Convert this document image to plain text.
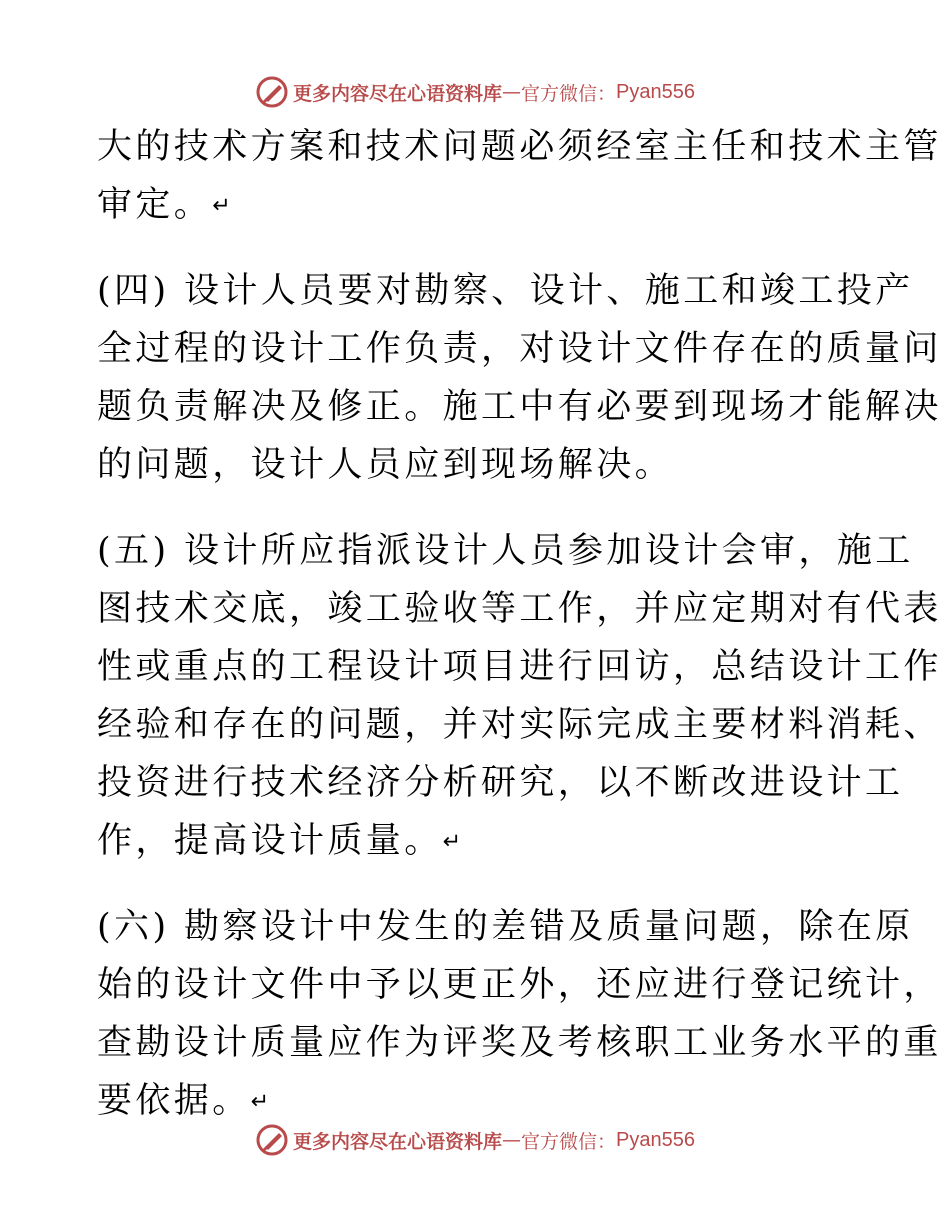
更多内容尽在心语资料库 — 官方微信： Pyan556
大的技术方案和技术问题必须经室主任和技术主管
审定。↵
(四) 设计人员要对勘察、设计、施工和竣工投产
全过程的设计工作负责，对设计文件存在的质量问
题负责解决及修正。施工中有必要到现场才能解决
的问题，设计人员应到现场解决。
(五) 设计所应指派设计人员参加设计会审，施工
图技术交底，竣工验收等工作，并应定期对有代表
性或重点的工程设计项目进行回访，总结设计工作
经验和存在的问题，并对实际完成主要材料消耗、
投资进行技术经济分析研究，以不断改进设计工
作，提高设计质量。↵
(六) 勘察设计中发生的差错及质量问题，除在原
始的设计文件中予以更正外，还应进行登记统计，
查勘设计质量应作为评奖及考核职工业务水平的重
要依据。↵
更多内容尽在心语资料库 — 官方微信： Pyan556
